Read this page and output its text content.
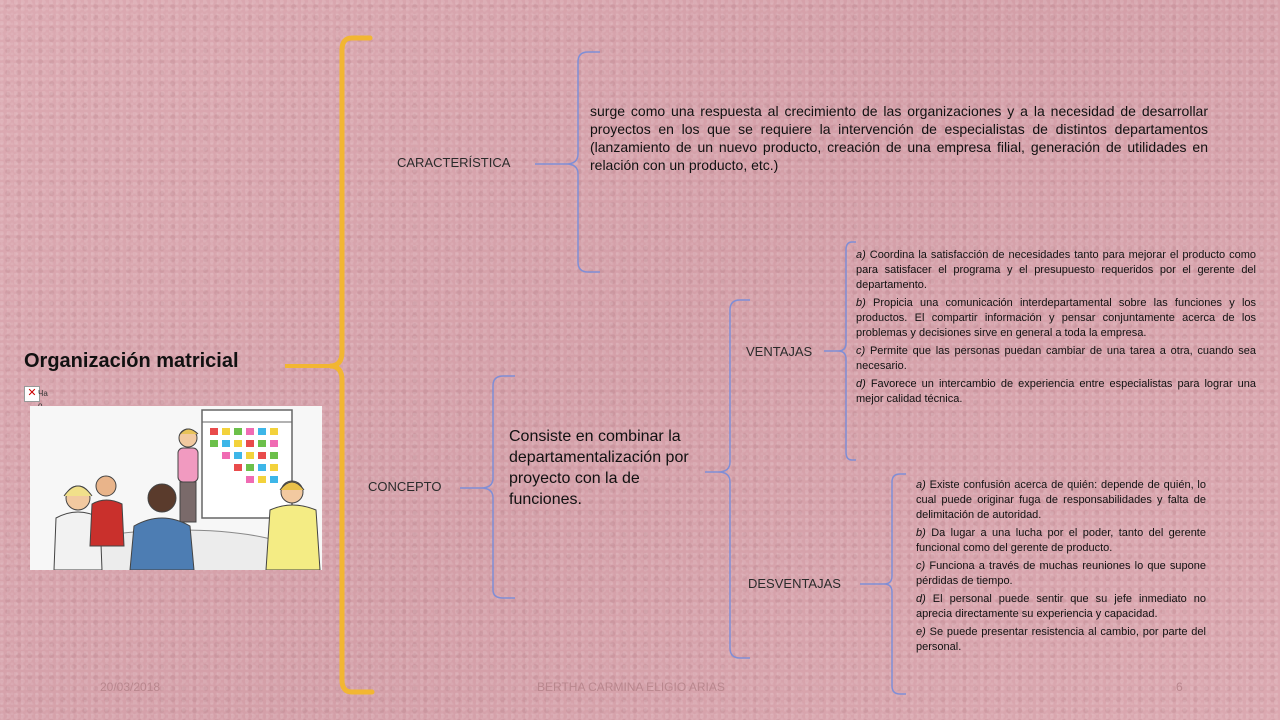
Organización matricial
✕ Ча
CARACTERÍSTICA
surge como una respuesta al crecimiento de las organizaciones y a la necesidad de desarrollar proyectos en los que se requiere la intervención de especialistas de distintos departamentos (lanzamiento de un nuevo producto, creación de una empresa filial, generación de utilidades en relación con un producto, etc.)
CONCEPTO
Consiste en combinar la departamentalización por proyecto con la de funciones.
VENTAJAS

a) Coordina la satisfacción de necesidades tanto para mejorar el producto como para satisfacer el programa y el presupuesto requeridos por el gerente del departamento.

b) Propicia una comunicación interdepartamental sobre las funciones y los productos. El compartir información y pensar conjuntamente acerca de los problemas y decisiones sirve en general a toda la empresa.

c) Permite que las personas puedan cambiar de una tarea a otra, cuando sea necesario.

d) Favorece un intercambio de experiencia entre especialistas para lograr una mejor calidad técnica.

DESVENTAJAS

a) Existe confusión acerca de quién: depende de quién, lo cual puede originar fuga de responsabilidades y falta de delimitación de autoridad.

b) Da lugar a una lucha por el poder, tanto del gerente funcional como del gerente de producto.

c) Funciona a través de muchas reuniones lo que supone pérdidas de tiempo.

d) El personal puede sentir que su jefe inmediato no aprecia directamente su experiencia y capacidad.

e) Se puede presentar resistencia al cambio, por parte del personal.

20/03/2018	BERTHA CARMINA ELIGIO ARIAS	6
